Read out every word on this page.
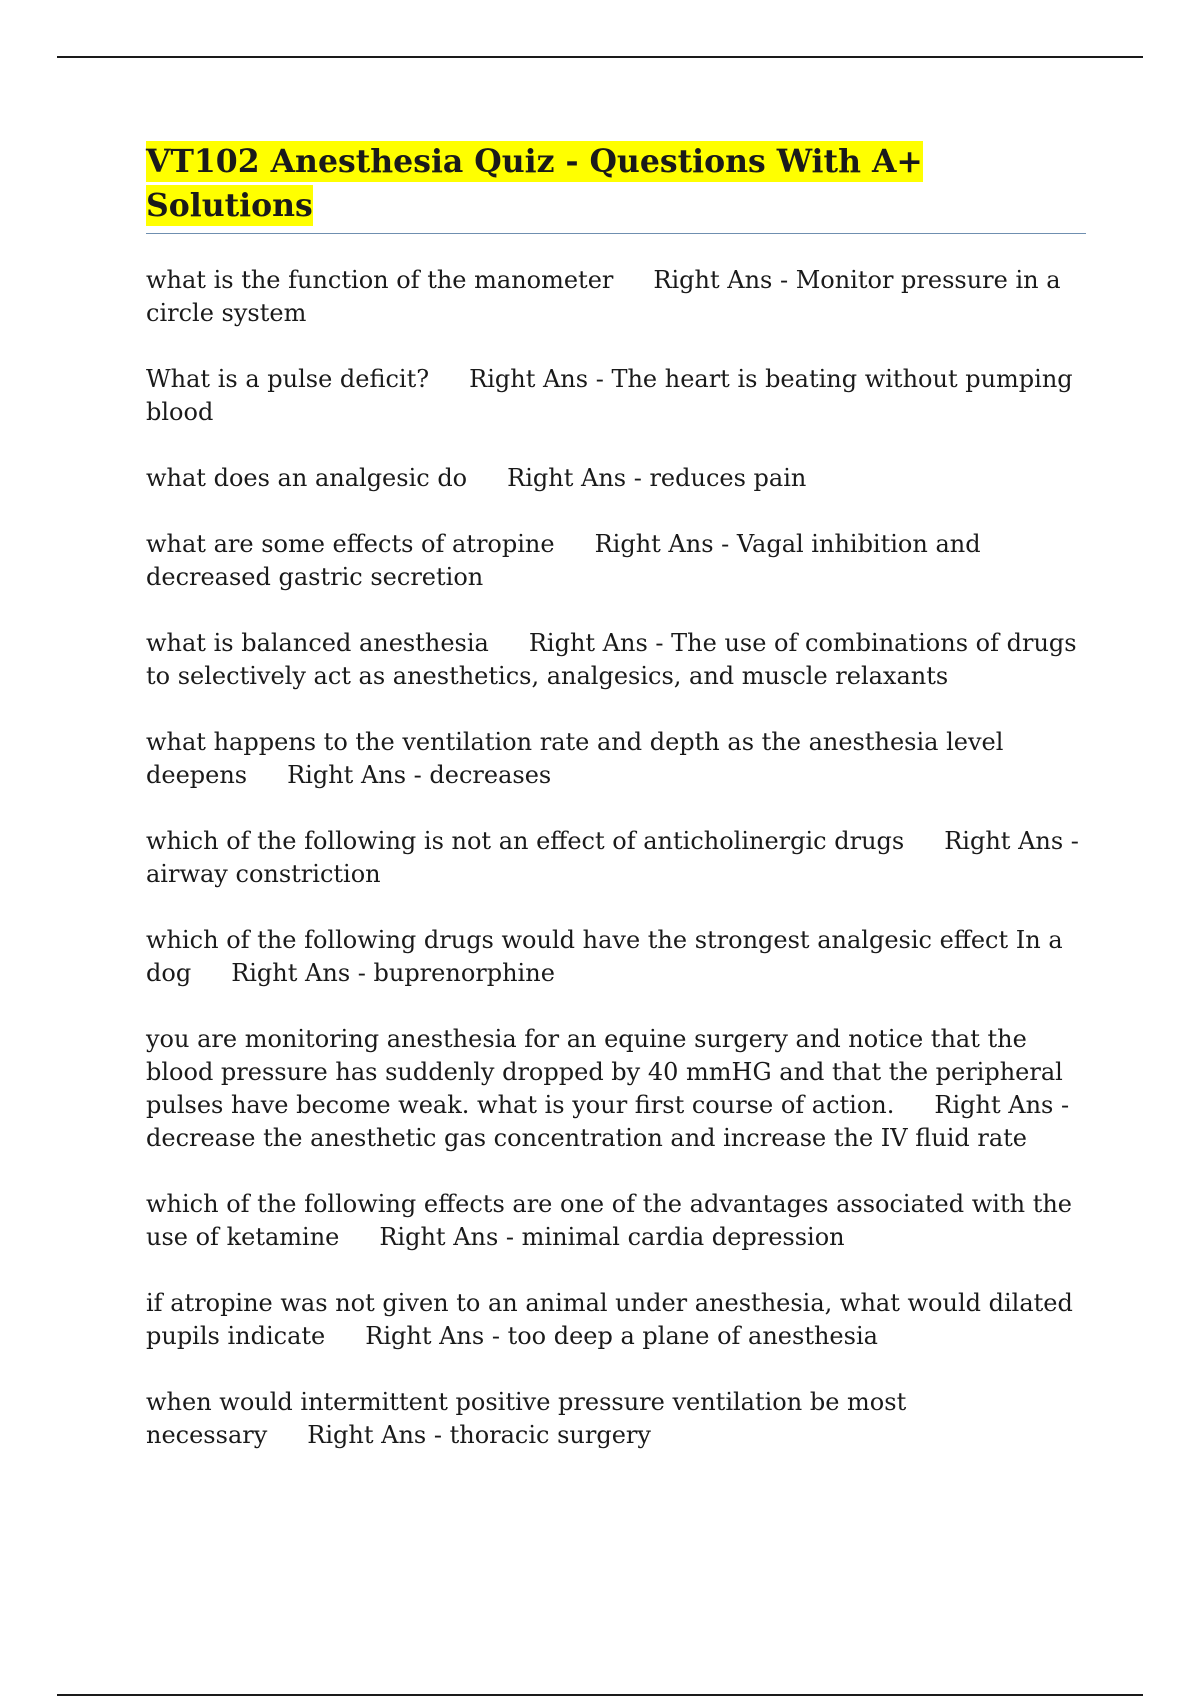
VT102 Anesthesia Quiz - Questions With A+ Solutions

what is the function of the manometer Right Ans - Monitor pressure in a circle system

What is a pulse deficit? Right Ans - The heart is beating without pumping blood

what does an analgesic do Right Ans - reduces pain

what are some effects of atropine Right Ans - Vagal inhibition and decreased gastric secretion

what is balanced anesthesia Right Ans - The use of combinations of drugs to selectively act as anesthetics, analgesics, and muscle relaxants

what happens to the ventilation rate and depth as the anesthesia level deepens Right Ans - decreases

which of the following is not an effect of anticholinergic drugs Right Ans - airway constriction

which of the following drugs would have the strongest analgesic effect In a dog Right Ans - buprenorphine

you are monitoring anesthesia for an equine surgery and notice that the blood pressure has suddenly dropped by 40 mmHG and that the peripheral pulses have become weak. what is your first course of action. Right Ans - decrease the anesthetic gas concentration and increase the IV fluid rate

which of the following effects are one of the advantages associated with the use of ketamine Right Ans - minimal cardia depression

if atropine was not given to an animal under anesthesia, what would dilated pupils indicate Right Ans - too deep a plane of anesthesia

when would intermittent positive pressure ventilation be most necessary Right Ans - thoracic surgery
